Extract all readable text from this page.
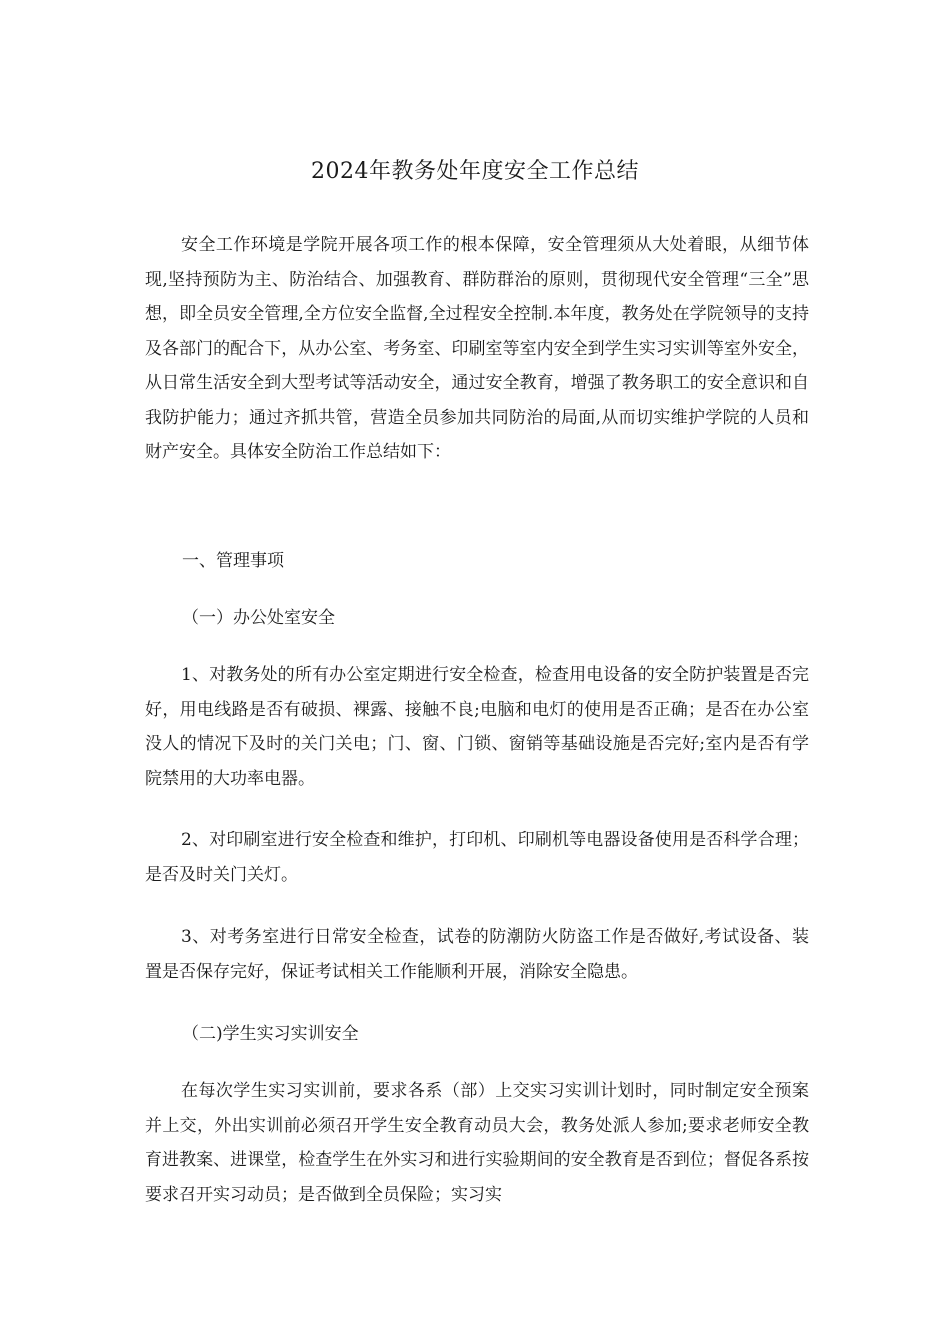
2024年教务处年度安全工作总结

安全工作环境是学院开展各项工作的根本保障，安全管理须从大处着眼，从细节体现,坚持预防为主、防治结合、加强教育、群防群治的原则，贯彻现代安全管理“三全”思想，即全员安全管理,全方位安全监督,全过程安全控制.本年度，教务处在学院领导的支持及各部门的配合下，从办公室、考务室、印刷室等室内安全到学生实习实训等室外安全，从日常生活安全到大型考试等活动安全，通过安全教育，增强了教务职工的安全意识和自我防护能力；通过齐抓共管，营造全员参加共同防治的局面,从而切实维护学院的人员和财产安全。具体安全防治工作总结如下：

一、管理事项

（一）办公处室安全

1、对教务处的所有办公室定期进行安全检查，检查用电设备的安全防护装置是否完好，用电线路是否有破损、裸露、接触不良;电脑和电灯的使用是否正确；是否在办公室没人的情况下及时的关门关电；门、窗、门锁、窗销等基础设施是否完好;室内是否有学院禁用的大功率电器。

2、对印刷室进行安全检查和维护，打印机、印刷机等电器设备使用是否科学合理；是否及时关门关灯。

3、对考务室进行日常安全检查，试卷的防潮防火防盗工作是否做好,考试设备、装置是否保存完好，保证考试相关工作能顺利开展，消除安全隐患。

（二)学生实习实训安全

在每次学生实习实训前，要求各系（部）上交实习实训计划时，同时制定安全预案并上交，外出实训前必须召开学生安全教育动员大会，教务处派人参加;要求老师安全教育进教案、进课堂，检查学生在外实习和进行实验期间的安全教育是否到位；督促各系按要求召开实习动员；是否做到全员保险；实习实
